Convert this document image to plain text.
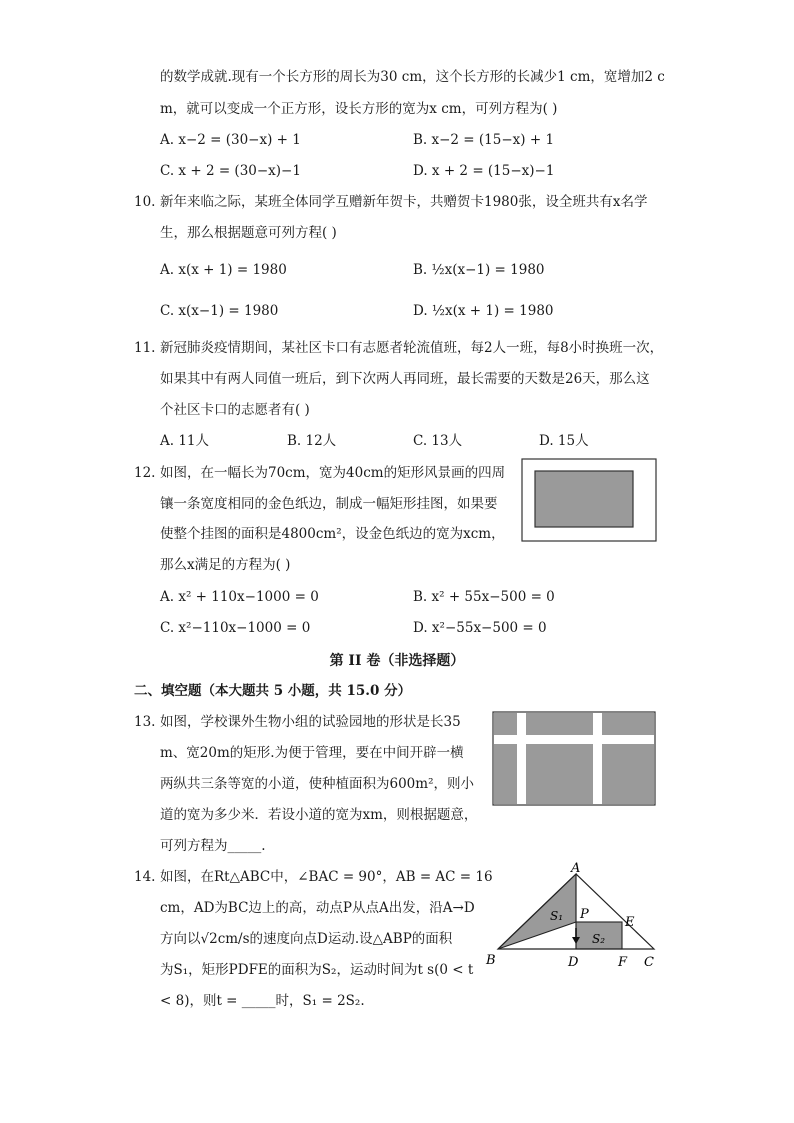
的数学成就.现有一个长方形的周长为30 cm，这个长方形的长减少1 cm，宽增加2 c
m，就可以变成一个正方形，设长方形的宽为x cm，可列方程为( )
A. x−2 = (30−x) + 1	B. x−2 = (15−x) + 1
C. x + 2 = (30−x)−1	D. x + 2 = (15−x)−1
10. 新年来临之际，某班全体同学互赠新年贺卡，共赠贺卡1980张，设全班共有x名学
生，那么根据题意可列方程( )
A. x(x + 1) = 1980	B. ½x(x−1) = 1980
C. x(x−1) = 1980	D. ½x(x + 1) = 1980
11. 新冠肺炎疫情期间，某社区卡口有志愿者轮流值班，每2人一班，每8小时换班一次，
如果其中有两人同值一班后，到下次两人再同班，最长需要的天数是26天，那么这
个社区卡口的志愿者有( )
A. 11人	B. 12人	C. 13人	D. 15人
12. 如图，在一幅长为70cm，宽为40cm的矩形风景画的四周
镶一条宽度相同的金色纸边，制成一幅矩形挂图，如果要
使整个挂图的面积是4800cm²，设金色纸边的宽为xcm，
那么x满足的方程为( )
A. x² + 110x−1000 = 0	B. x² + 55x−500 = 0
C. x²−110x−1000 = 0	D. x²−55x−500 = 0
第 II 卷（非选择题）
二、填空题（本大题共 5 小题，共 15.0 分）
13. 如图，学校课外生物小组的试验园地的形状是长35
m、宽20m的矩形.为便于管理，要在中间开辟一横
两纵共三条等宽的小道，使种植面积为600m²，则小
道的宽为多少米．若设小道的宽为xm，则根据题意，
可列方程为_____.
14. 如图，在Rt△ABC中，∠BAC = 90°，AB = AC = 16
cm，AD为BC边上的高，动点P从点A出发，沿A→D
方向以√2cm/s的速度向点D运动.设△ABP的面积
为S₁，矩形PDFE的面积为S₂，运动时间为t s(0 < t
< 8)，则t = _____时，S₁ = 2S₂.
A
B	C
D
E
F
P
S₁
S₂
